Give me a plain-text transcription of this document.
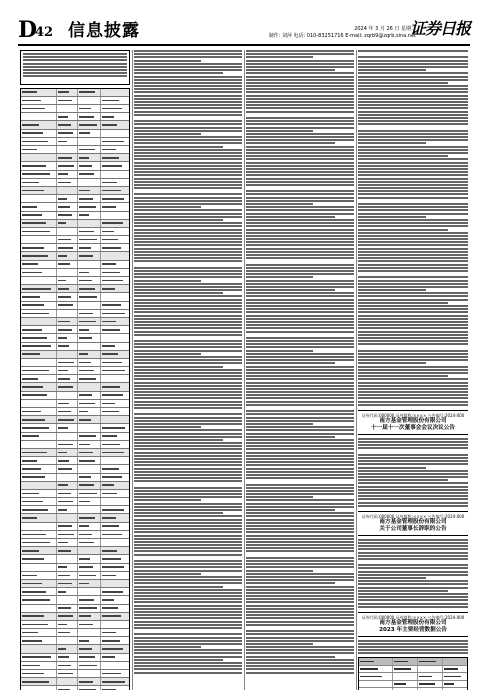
D
42 信息披露	2024 年 3 月 26 日 星期二
制作: 刘萍 电话: 010-83251716 E-mail: zqrb9@zqrb.sina.net
证券日报
证券代码:000000 证券简称:×××× 公告编号:2024-000
南方基金管理股份有限公司
十一届十一次董事会会议决议公告
证券代码:000000 证券简称:×××× 公告编号:2024-000
南方基金管理股份有限公司
关于公司董事长辞职的公告
证券代码:000000 证券简称:×××× 公告编号:2024-000
南方基金管理股份有限公司
2023 年主要经营数据公告
